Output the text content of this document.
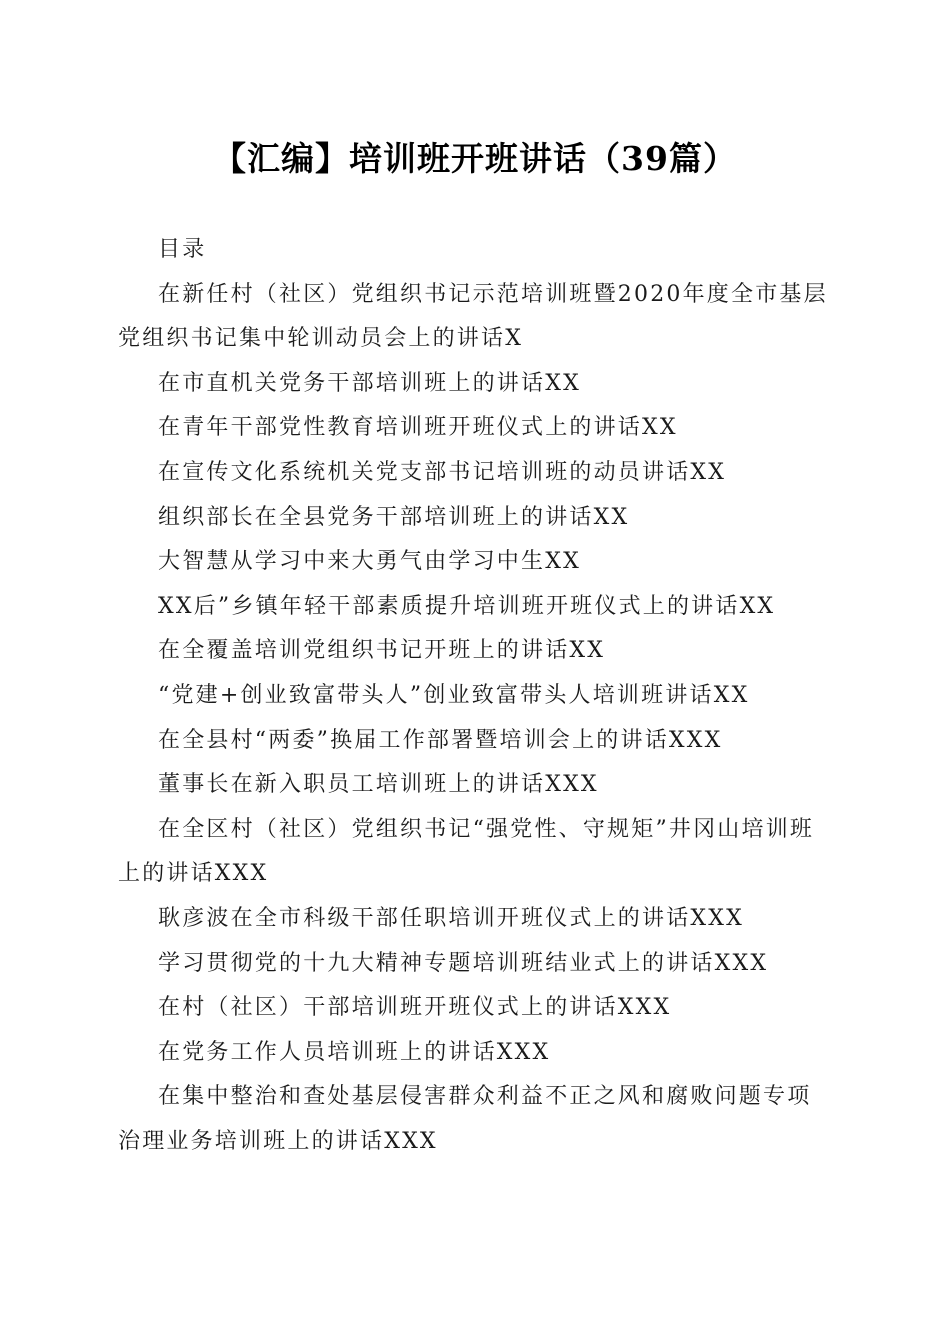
【汇编】培训班开班讲话（39篇）

目录

在新任村（社区）党组织书记示范培训班暨2020年度全市基层党组织书记集中轮训动员会上的讲话X

在市直机关党务干部培训班上的讲话XX

在青年干部党性教育培训班开班仪式上的讲话XX

在宣传文化系统机关党支部书记培训班的动员讲话XX

组织部长在全县党务干部培训班上的讲话XX

大智慧从学习中来大勇气由学习中生XX

XX后”乡镇年轻干部素质提升培训班开班仪式上的讲话XX

在全覆盖培训党组织书记开班上的讲话XX

“党建+创业致富带头人”创业致富带头人培训班讲话XX

在全县村“两委”换届工作部署暨培训会上的讲话XXX

董事长在新入职员工培训班上的讲话XXX

在全区村（社区）党组织书记“强党性、守规矩”井冈山培训班上的讲话XXX

耿彦波在全市科级干部任职培训开班仪式上的讲话XXX

学习贯彻党的十九大精神专题培训班结业式上的讲话XXX

在村（社区）干部培训班开班仪式上的讲话XXX

在党务工作人员培训班上的讲话XXX

在集中整治和查处基层侵害群众利益不正之风和腐败问题专项治理业务培训班上的讲话XXX
